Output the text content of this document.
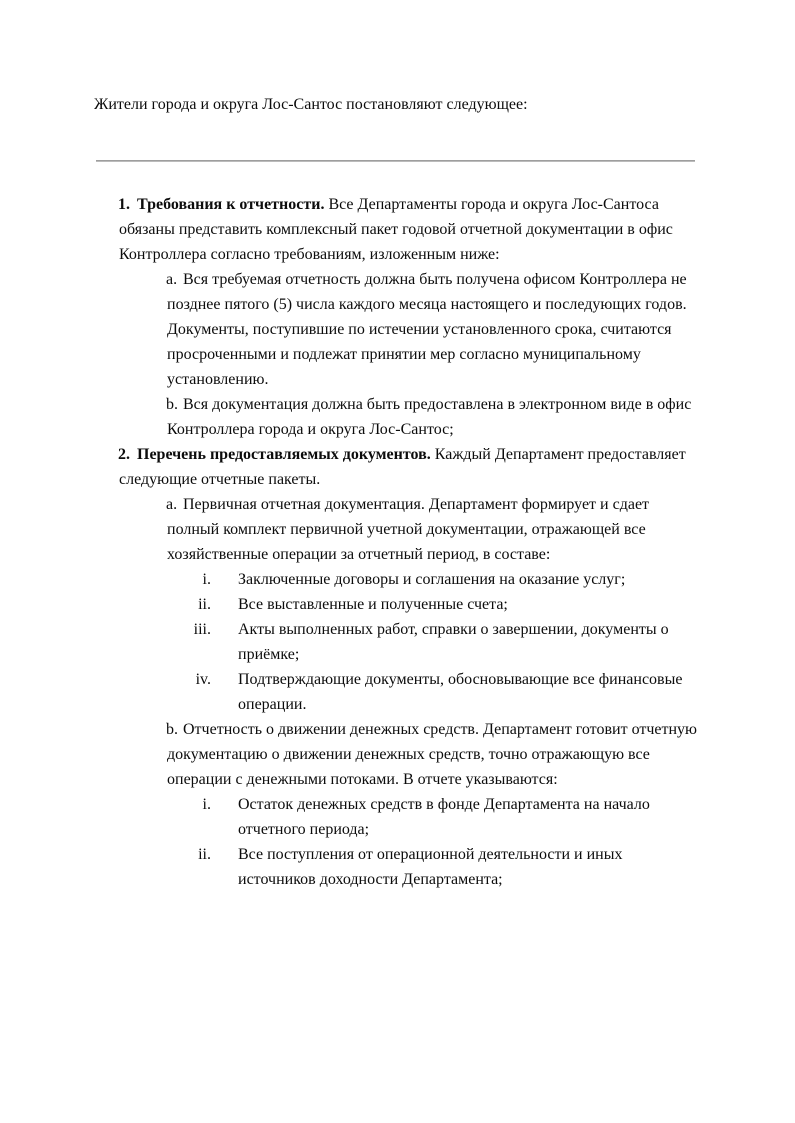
Жители города и округа Лос-Сантос постановляют следующее:
1. Требования к отчетности. Все Департаменты города и округа Лос-Сантоса обязаны представить комплексный пакет годовой отчетной документации в офис Контроллера согласно требованиям, изложенным ниже:
a. Вся требуемая отчетность должна быть получена офисом Контроллера не позднее пятого (5) числа каждого месяца настоящего и последующих годов. Документы, поступившие по истечении установленного срока, считаются просроченными и подлежат принятии мер согласно муниципальному установлению.
b. Вся документация должна быть предоставлена в электронном виде в офис Контроллера города и округа Лос-Сантос;
2. Перечень предоставляемых документов. Каждый Департамент предоставляет следующие отчетные пакеты.
a. Первичная отчетная документация. Департамент формирует и сдает полный комплект первичной учетной документации, отражающей все хозяйственные операции за отчетный период, в составе:
i. Заключенные договоры и соглашения на оказание услуг;
ii. Все выставленные и полученные счета;
iii. Акты выполненных работ, справки о завершении, документы о приёмке;
iv. Подтверждающие документы, обосновывающие все финансовые операции.
b. Отчетность о движении денежных средств. Департамент готовит отчетную документацию о движении денежных средств, точно отражающую все операции с денежными потоками. В отчете указываются:
i. Остаток денежных средств в фонде Департамента на начало отчетного периода;
ii. Все поступления от операционной деятельности и иных источников доходности Департамента;
